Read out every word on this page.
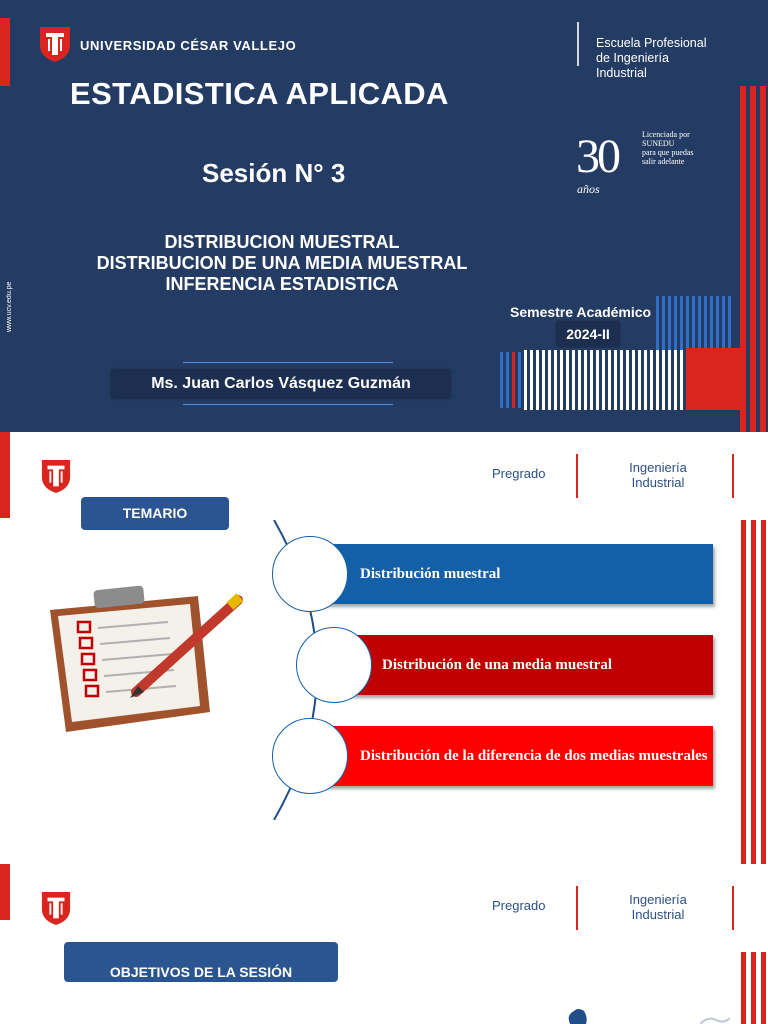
UNIVERSIDAD CÉSAR VALLEJO	Escuela Profesional
de Ingeniería
Industrial
ESTADISTICA APLICADA
Sesión N° 3
DISTRIBUCION MUESTRAL
DISTRIBUCION DE UNA MEDIA MUESTRAL
INFERENCIA ESTADISTICA
www.ucv.edu.pe
30
años
Licenciada por
SUNEDU
para que puedas
salir adelante
Semestre Académico
2024-II
Ms. Juan Carlos Vásquez Guzmán
Pregrado	Ingeniería
Industrial
TEMARIO
Distribución muestral
Distribución de una media muestral
Distribución de la diferencia de dos medias muestrales
Pregrado	Ingeniería
Industrial
OBJETIVOS DE LA SESIÓN
